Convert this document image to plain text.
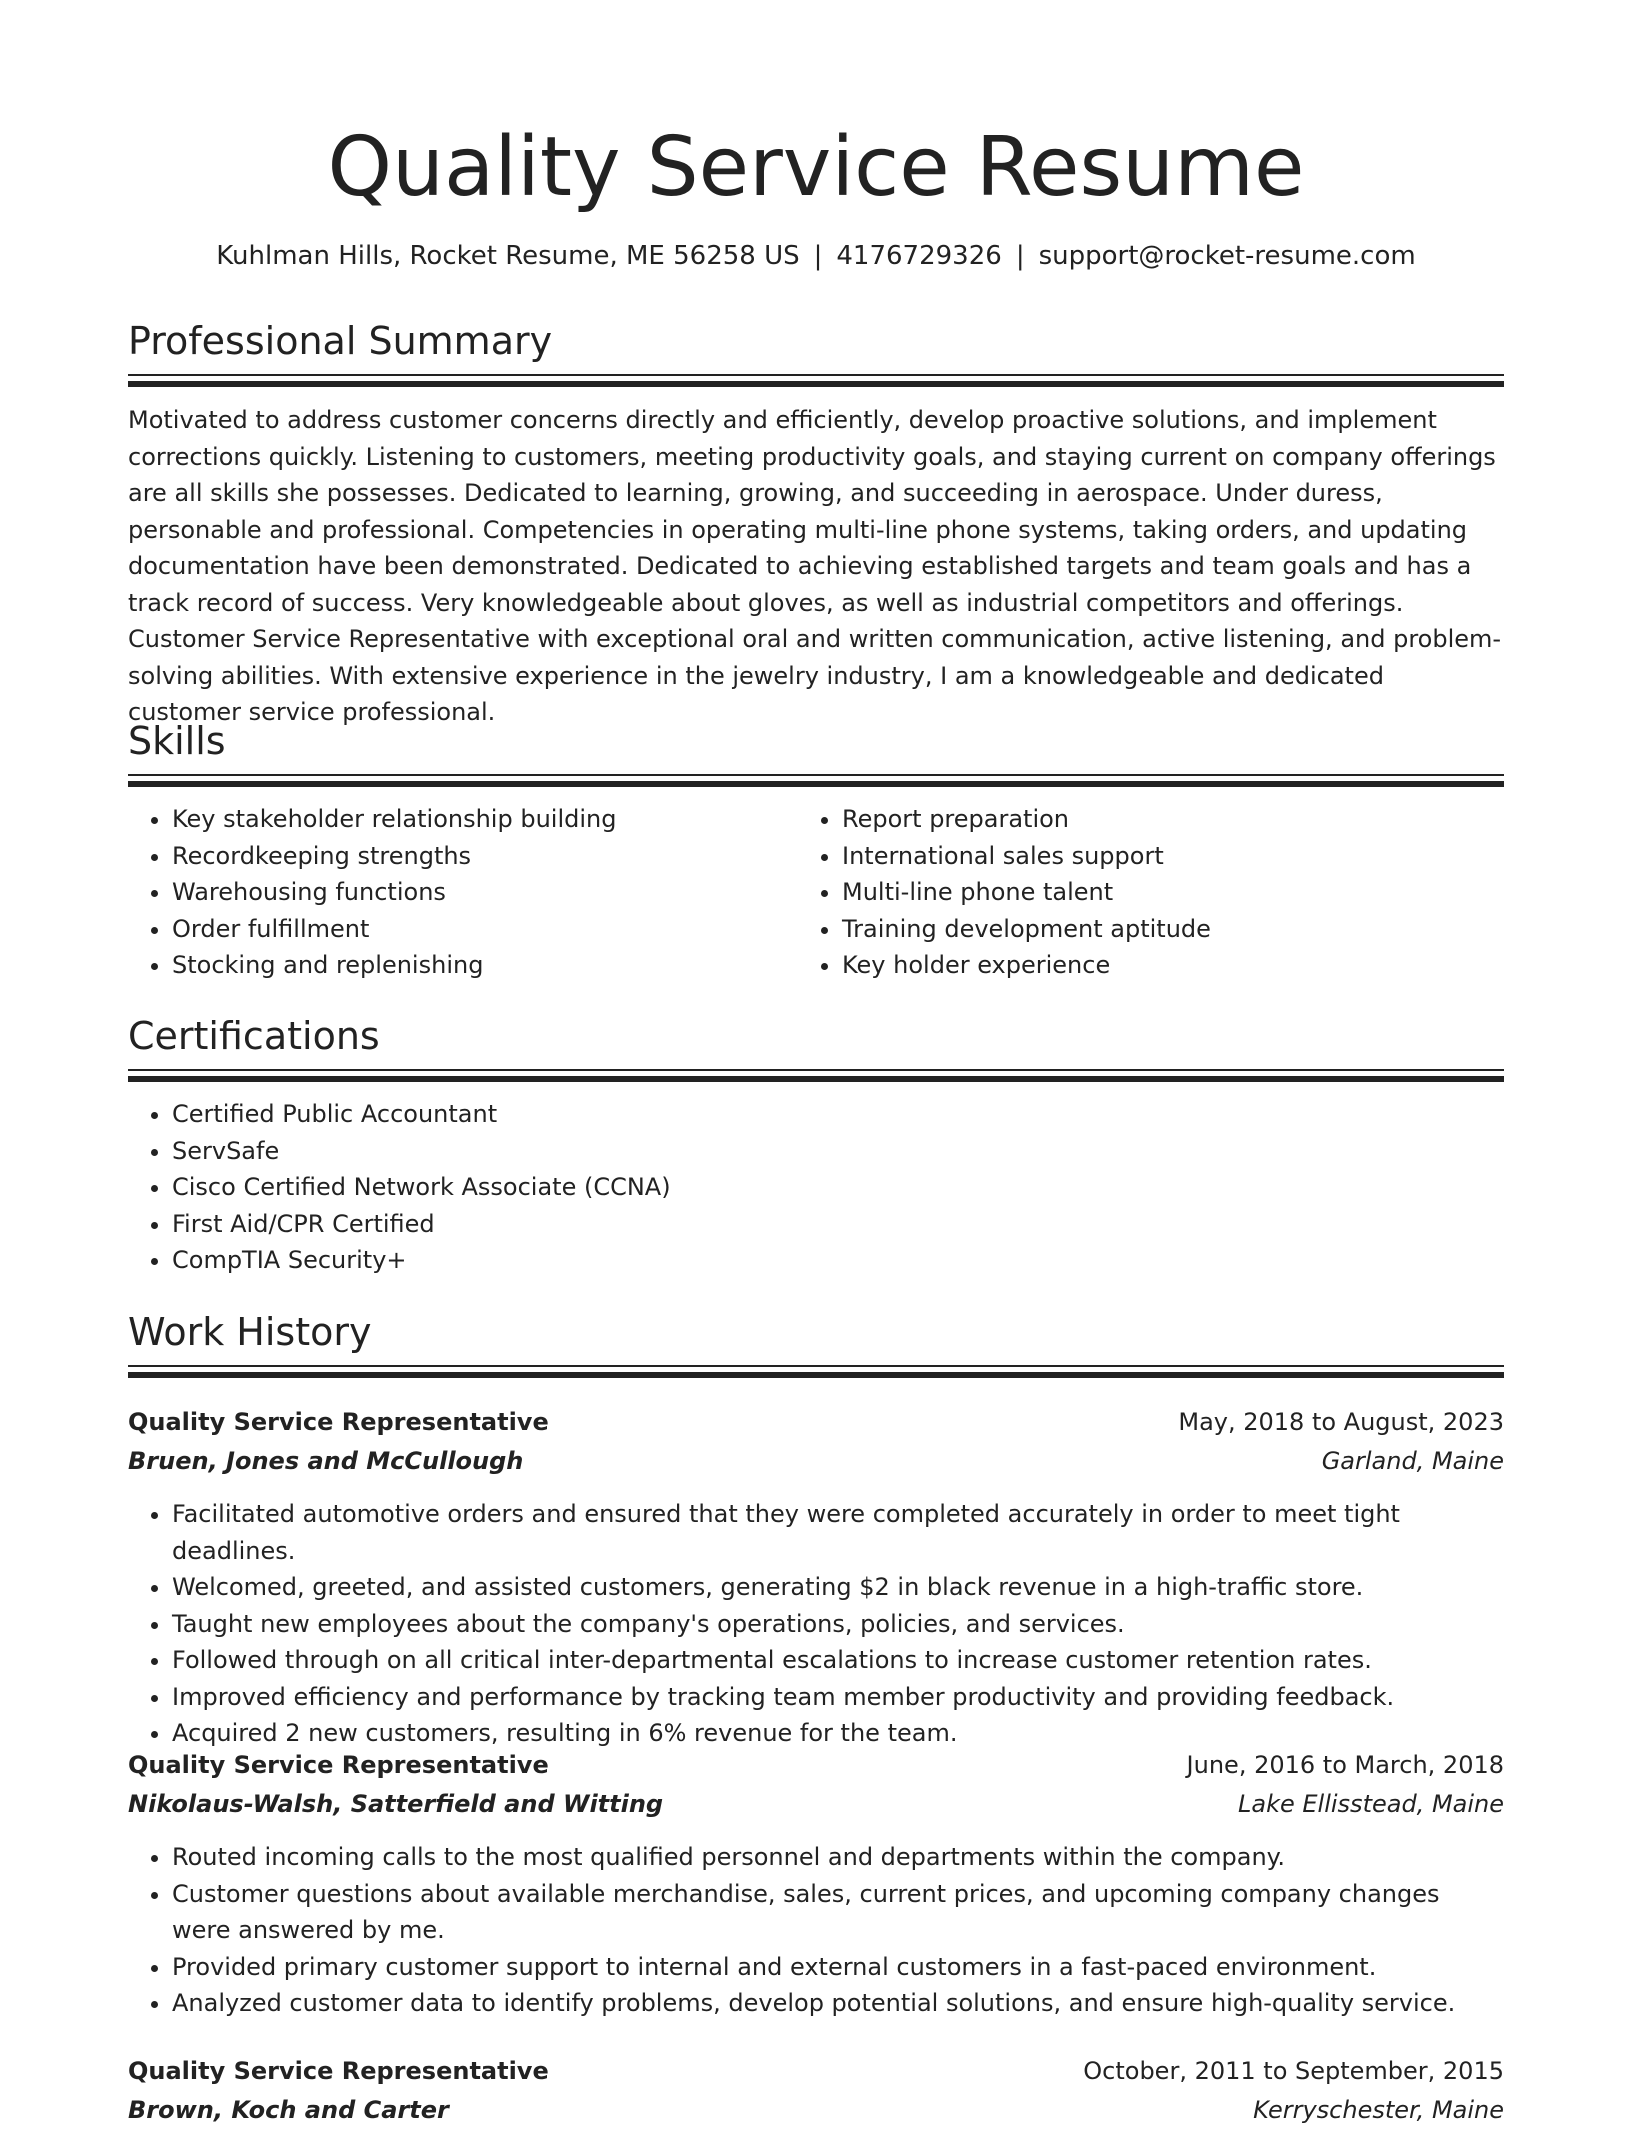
Quality Service Resume
Kuhlman Hills, Rocket Resume, ME 56258 US | 4176729326 | support@rocket-resume.com
Professional Summary

Motivated to address customer concerns directly and efficiently, develop proactive solutions, and implement corrections quickly. Listening to customers, meeting productivity goals, and staying current on company offerings are all skills she possesses. Dedicated to learning, growing, and succeeding in aerospace. Under duress, personable and professional. Competencies in operating multi-line phone systems, taking orders, and updating documentation have been demonstrated. Dedicated to achieving established targets and team goals and has a track record of success. Very knowledgeable about gloves, as well as industrial competitors and offerings. Customer Service Representative with exceptional oral and written communication, active listening, and problem-solving abilities. With extensive experience in the jewelry industry, I am a knowledgeable and dedicated customer service professional.

Skills
• Key stakeholder relationship building
• Recordkeeping strengths
• Warehousing functions
• Order fulfillment
• Stocking and replenishing
• Report preparation
• International sales support
• Multi-line phone talent
• Training development aptitude
• Key holder experience
Certifications
• Certified Public Accountant
• ServSafe
• Cisco Certified Network Associate (CCNA)
• First Aid/CPR Certified
• CompTIA Security+
Work History
Quality Service Representative	May, 2018 to August, 2023
Bruen, Jones and McCullough	Garland, Maine
• Facilitated automotive orders and ensured that they were completed accurately in order to meet tight deadlines.
• Welcomed, greeted, and assisted customers, generating $2 in black revenue in a high-traffic store.
• Taught new employees about the company's operations, policies, and services.
• Followed through on all critical inter-departmental escalations to increase customer retention rates.
• Improved efficiency and performance by tracking team member productivity and providing feedback.
• Acquired 2 new customers, resulting in 6% revenue for the team.
Quality Service Representative	June, 2016 to March, 2018
Nikolaus-Walsh, Satterfield and Witting	Lake Ellisstead, Maine
• Routed incoming calls to the most qualified personnel and departments within the company.
• Customer questions about available merchandise, sales, current prices, and upcoming company changes were answered by me.
• Provided primary customer support to internal and external customers in a fast-paced environment.
• Analyzed customer data to identify problems, develop potential solutions, and ensure high-quality service.
Quality Service Representative	October, 2011 to September, 2015
Brown, Koch and Carter	Kerryschester, Maine
